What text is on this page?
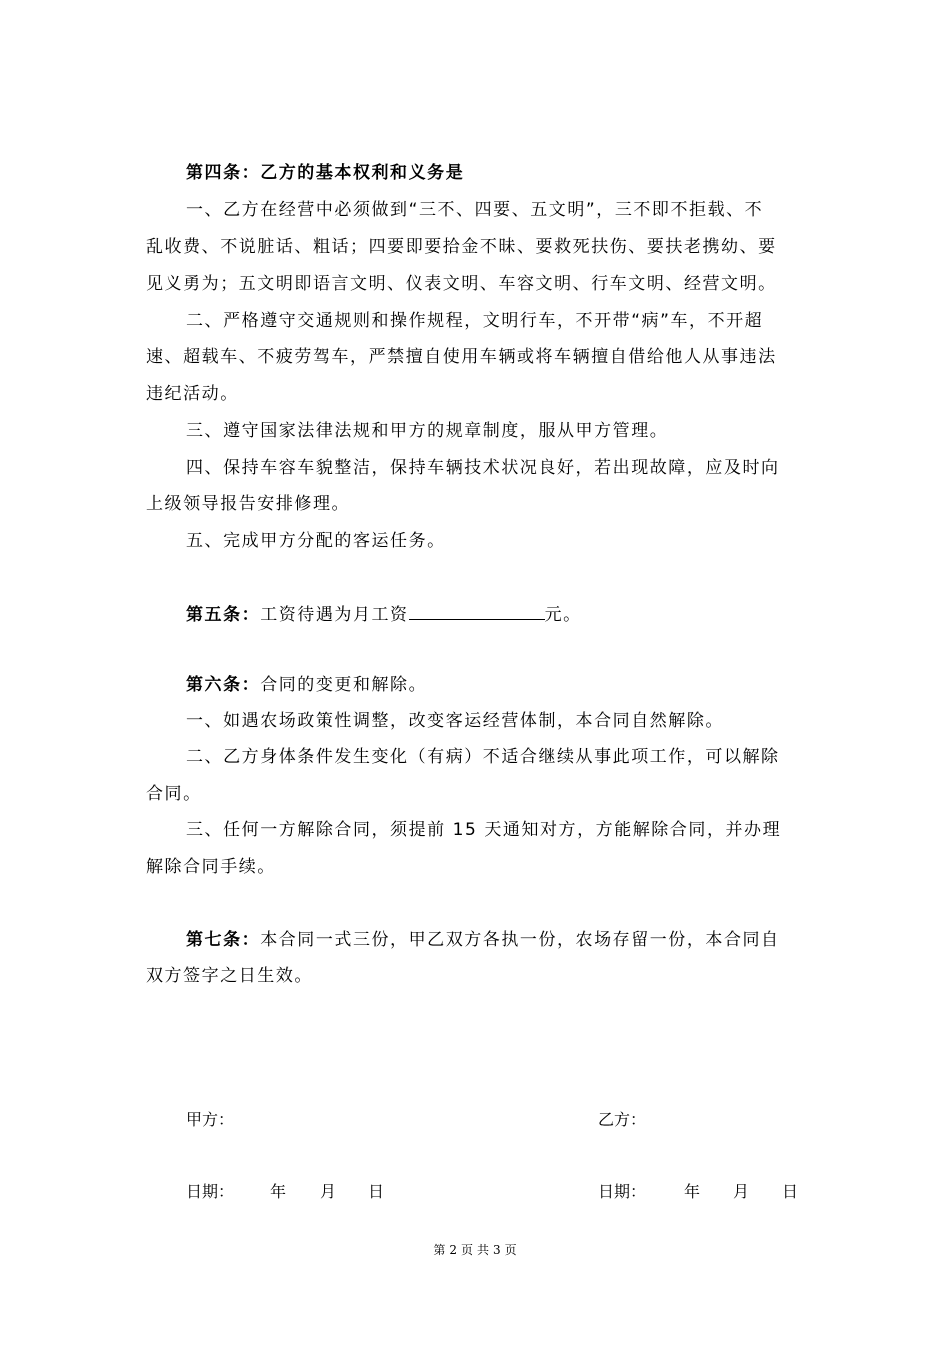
第四条：乙方的基本权利和义务是
一、乙方在经营中必须做到“三不、四要、五文明”，三不即不拒载、不
乱收费、不说脏话、粗话；四要即要拾金不昧、要救死扶伤、要扶老携幼、要
见义勇为；五文明即语言文明、仪表文明、车容文明、行车文明、经营文明。
二、严格遵守交通规则和操作规程，文明行车，不开带“病”车，不开超
速、超载车、不疲劳驾车，严禁擅自使用车辆或将车辆擅自借给他人从事违法
违纪活动。
三、遵守国家法律法规和甲方的规章制度，服从甲方管理。
四、保持车容车貌整洁，保持车辆技术状况良好，若出现故障，应及时向
上级领导报告安排修理。
五、完成甲方分配的客运任务。
第五条：工资待遇为月工资	元。
第六条：合同的变更和解除。
一、如遇农场政策性调整，改变客运经营体制，本合同自然解除。
二、乙方身体条件发生变化（有病）不适合继续从事此项工作，可以解除
合同。
三、任何一方解除合同，须提前 15 天通知对方，方能解除合同，并办理
解除合同手续。
第七条：本合同一式三份，甲乙双方各执一份，农场存留一份，本合同自
双方签字之日生效。
甲方：	乙方：
日期： 年 月 日	日期： 年 月 日
第 2 页 共 3 页
